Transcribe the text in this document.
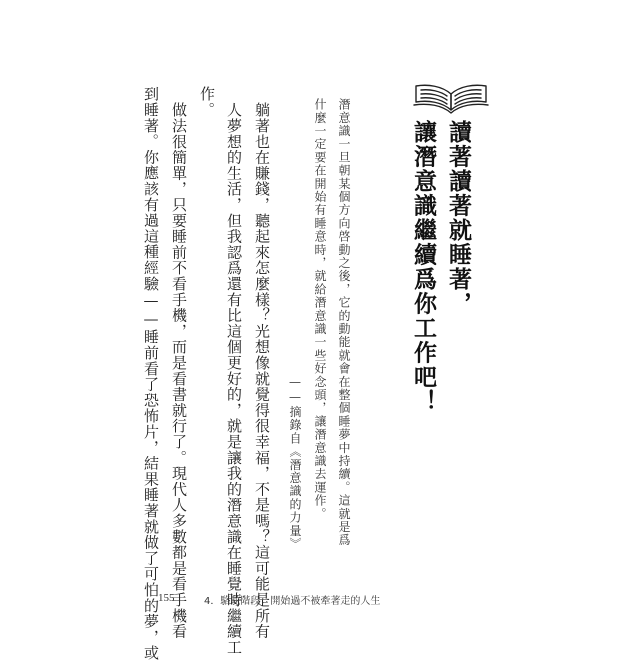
讀著讀著就睡著，
讓潛意識繼續爲你工作吧！
潛意識一旦朝某個方向啓動之後，它的動能就會在整個睡夢中持續。這就是爲
什麼一定要在開始有睡意時，就給潛意識一些好念頭，讓潛意識去運作。
——摘錄自《潛意識的力量》
躺著也在賺錢，聽起來怎麼樣？光想像就覺得很幸福，不是嗎？這可能是所有
人夢想的生活，但我認爲還有比這個更好的，就是讓我的潛意識在睡覺時繼續工
作。
做法很簡單，只要睡前不看手機，而是看書就行了。現代人多數都是看手機看
到睡著。你應該有過這種經驗——睡前看了恐怖片，結果睡著就做了可怕的夢，或
155	4．駱駝階段：開始過不被牽著走的人生
